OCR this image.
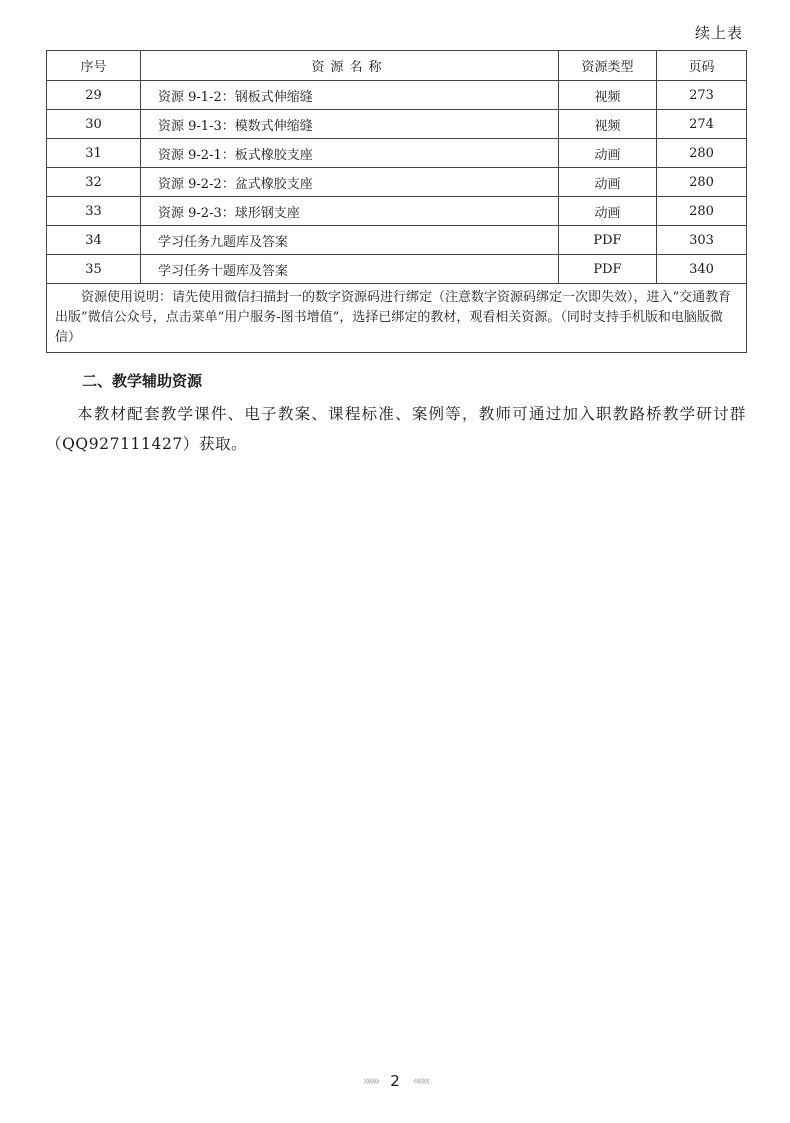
续上表
序号	资源名称	资源类型	页码
29	资源 9-1-2：钢板式伸缩缝	视频	273
30	资源 9-1-3：模数式伸缩缝	视频	274
31	资源 9-2-1：板式橡胶支座	动画	280
32	资源 9-2-2：盆式橡胶支座	动画	280
33	资源 9-2-3：球形钢支座	动画	280
34	学习任务九题库及答案	PDF	303
35	学习任务十题库及答案	PDF	340
资源使用说明：请先使用微信扫描封一的数字资源码进行绑定（注意数字资源码绑定一次即失效），进入“交通教育出版”微信公众号，点击菜单“用户服务-图书增值”，选择已绑定的教材，观看相关资源。（同时支持手机版和电脑版微信）			
二、教学辅助资源
本教材配套教学课件、电子教案、课程标准、案例等，教师可通过加入职教路桥教学研讨群（QQ927111427）获取。
»»» 2 «««
